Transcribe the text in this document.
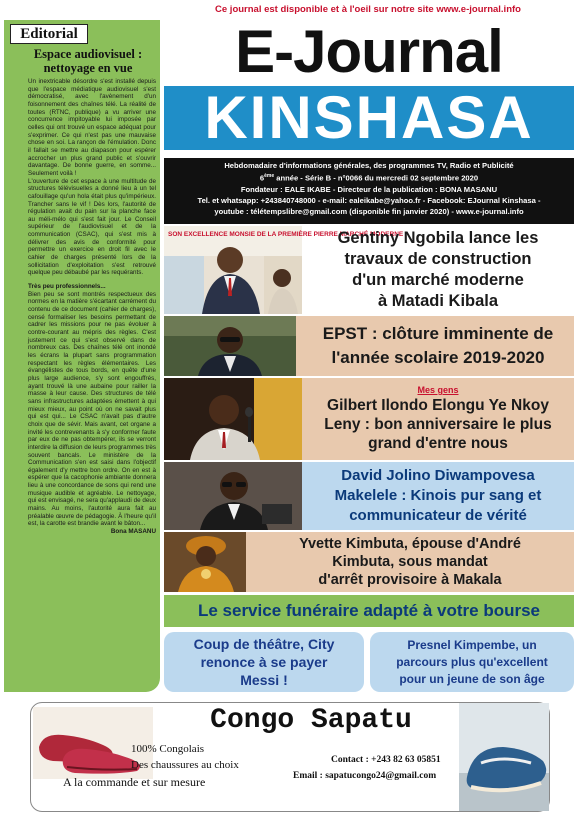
Editorial
Espace audiovisuel : nettoyage en vue

Un inextricable désordre s'est installé depuis que l'espace médiatique audiovisuel s'est démocratisé, avec l'avènement d'un foisonnement des chaînes télé. La réalité de toutes (RTNC, publique) a vu arriver une concurrence impitoyable lui imposée par celles qui ont trouvé un espace adéquat pour s'exprimer. Ce qui n'est pas une mauvaise chose en soi. La rançon de l'émulation. Donc il fallait se mettre au diapason pour espérer accrocher un plus grand public et s'ouvrir davantage. De bonne guerre, en somme... Seulement voilà !

L'ouverture de cet espace à une multitude de structures télévisuelles a donné lieu à un tel cafouillage qu'un hola était plus qu'impérieux. Trancher sans le vif ! Dès lors, l'autorité de régulation avait du pain sur la planche face au méli-mélo qui s'est fait jour. Le Conseil supérieur de l'audiovisuel et de la communication (CSAC), qui s'est mis à délivrer des avis de conformité pour permettre un exercice en droit fil avec le cahier de charges présenté lors de la sollicitation d'exploitation s'est retrouvé quelque peu débaubé par les requérants.

Très peu professionnels...

Bien peu se sont montrés respectueux des normes en la matière s'écartant carrément du contenu de ce document (cahier de charges), censé formaliser les besoins permettant de cadrer les missions pour ne pas évoluer à contre-courant au mépris des règles. C'est justement ce qui s'est observé dans de nombreux cas. Des chaînes télé ont inondé les écrans la plupart sans programmation respectant les règles élémentaires. Les évangélistes de tous bords, en quête d'une plus large audience, s'y sont engouffrés, ayant trouvé là une aubaine pour railler la masse à leur cause. Des structures de télé sans infrastructures adaptées émettent à qui mieux mieux, au point où on ne savait plus qui est qui... Le CSAC n'avait pas d'autre choix que de sévir. Mais avant, cet organe a invité les contrevenants à s'y conformer faute par eux de ne pas obtempérer, ils se verront interdire la diffusion de leurs programmes très souvent bancals. Le ministère de la Communication s'en est saisi dans l'objectif également d'y mettre bon ordre. On en est à espérer que la cacophonie ambiante donnera lieu à une concordance de sons qui rend une musique audible et agréable. Le nettoyage, qui est envisagé, ne sera qu'applaudi de deux mains. Au moins, l'autorité aura fait au préalable œuvre de pédagogie. À l'heure qu'il est, la carotte est brandie avant le bâton...

Bona MASANU

Ce journal est disponible et à l'oeil sur notre site www.e-journal.info
E-Journal
KINSHASA
Hebdomadaire d'informations générales, des programmes TV, Radio et Publicité
6ème année - Série B - n°0066 du mercredi 02 septembre 2020
Fondateur : EALE IKABE - Directeur de la publication : BONA MASANU
Tel. et whatsapp: +243840748000 - e-mail: ealeikabe@yahoo.fr - Facebook: EJournal Kinshasa -
youtube : télétempslibre@gmail.com (disponible fin janvier 2020) - www.e-journal.info
SON EXCELLENCE MONSIE DE LA PREMIÈRE PIERRE MARCHÉ MODERNE
Gentiny Ngobila lance les
travaux de construction
d'un marché moderne
à Matadi Kibala
EPST : clôture imminente de
l'année scolaire 2019-2020
Mes gens
Gilbert Ilondo Elongu Ye Nkoy
Leny : bon anniversaire le plus
grand d'entre nous
David Jolino Diwampovesa
Makelele : Kinois pur sang et
communicateur de vérité
Yvette Kimbuta, épouse d'André
Kimbuta, sous mandat
d'arrêt provisoire à Makala
Le service funéraire adapté à votre bourse
Coup de théâtre, City
renonce à se payer
Messi !
Presnel Kimpembe, un
parcours plus qu'excellent
pour un jeune de son âge
Congo Sapatu
100% Congolais
Des chaussures au choix
A la commande et sur mesure
Contact : +243 82 63 05851
Email : sapatucongo24@gmail.com
